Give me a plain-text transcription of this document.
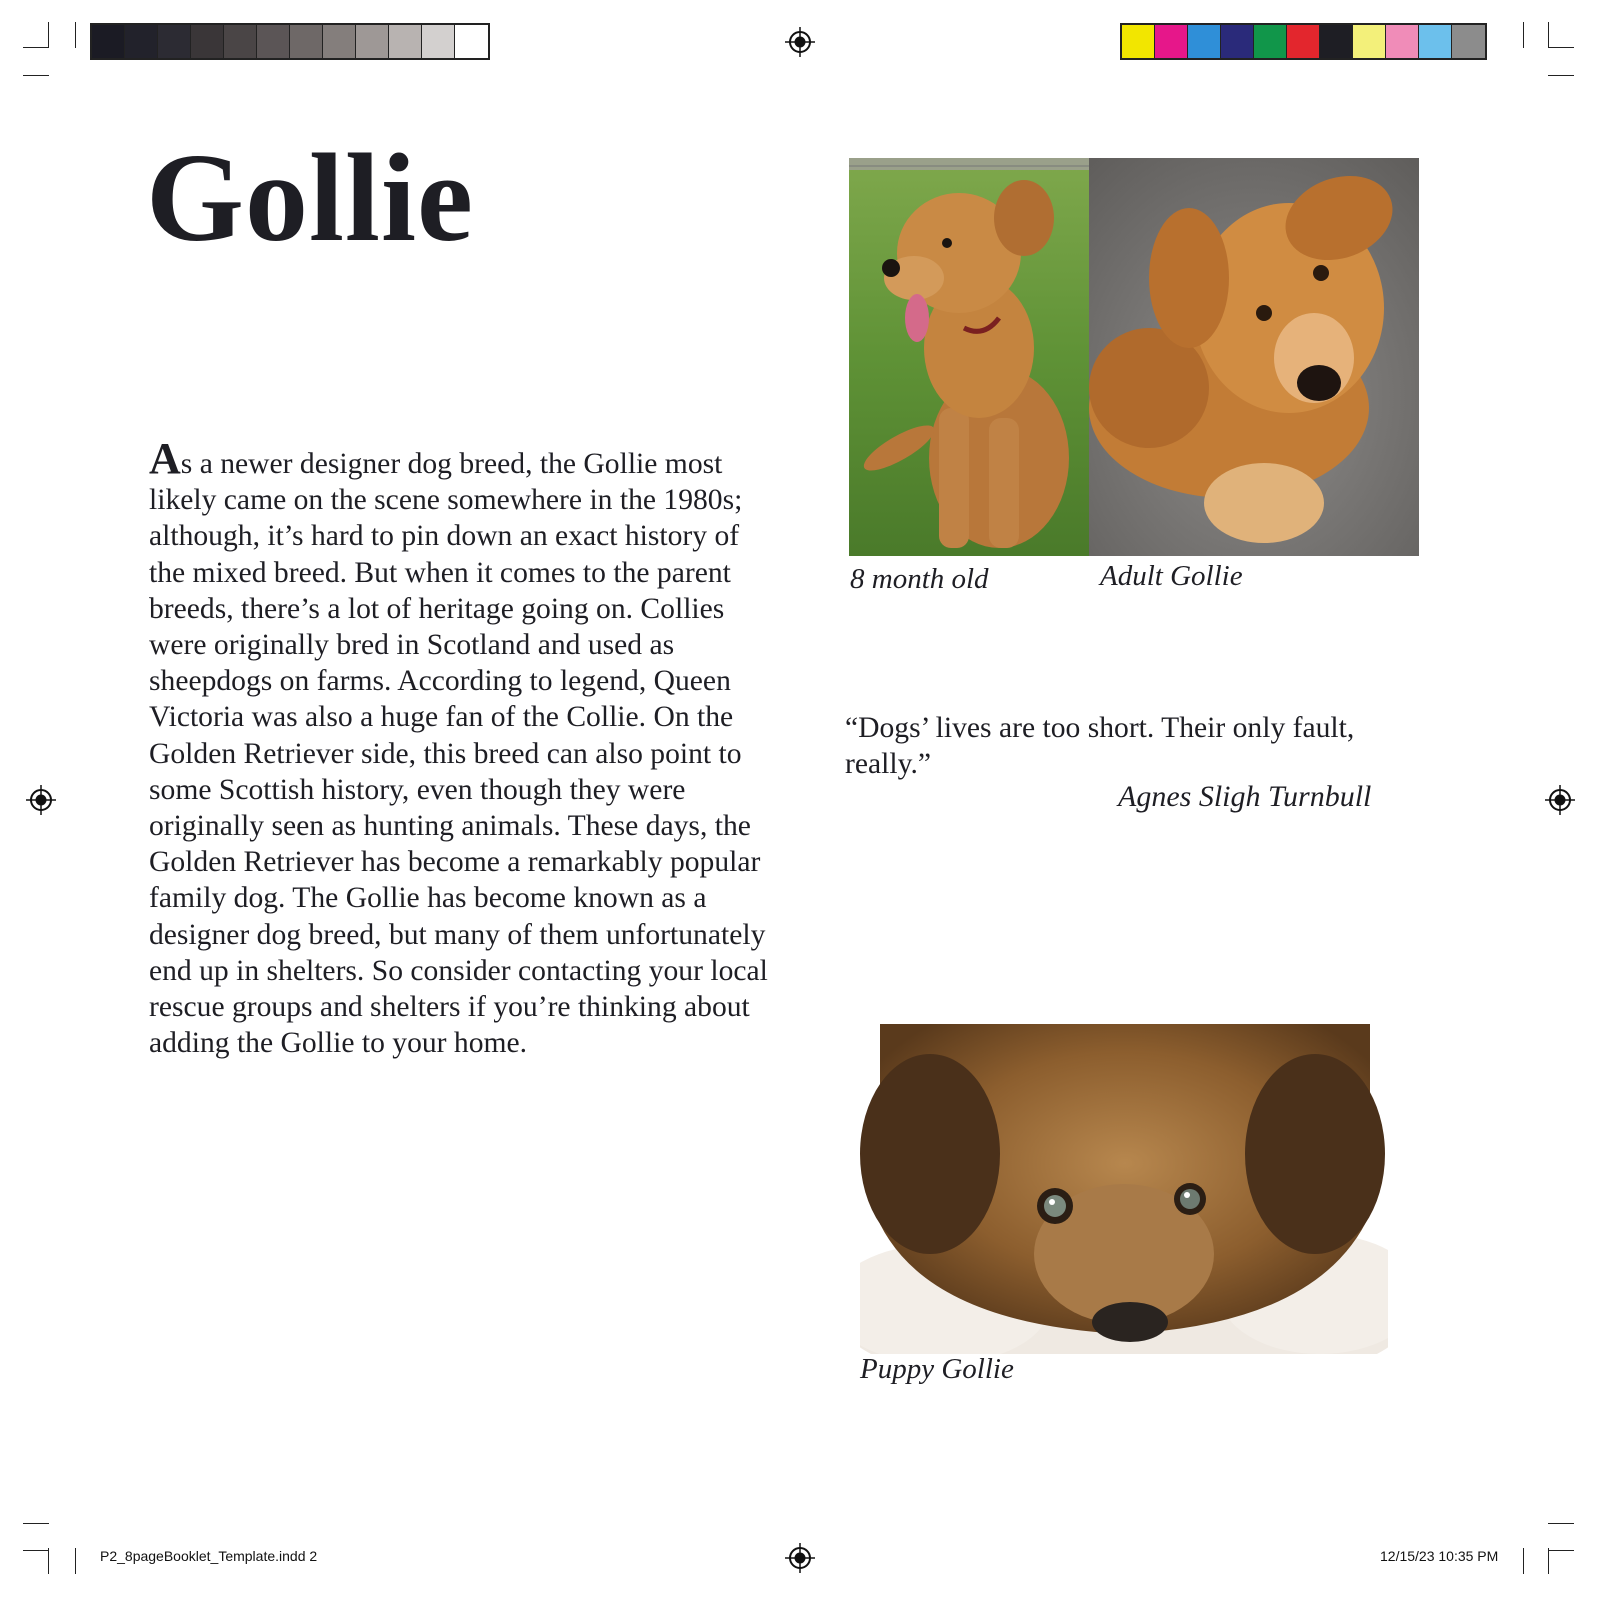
Gollie
As a newer designer dog breed, the Gollie most likely came on the scene somewhere in the 1980s; although, it’s hard to pin down an exact history of the mixed breed. But when it comes to the parent breeds, there’s a lot of heritage going on. Collies were originally bred in Scotland and used as sheepdogs on farms. According to legend, Queen Victoria was also a huge fan of the Collie. On the Golden Retriever side, this breed can also point to some Scottish history, even though they were originally seen as hunting animals. These days, the Golden Retriever has become a remarkably popular family dog. The Gollie has become known as a designer dog breed, but many of them unfortunately end up in shelters. So consider contacting your local rescue groups and shelters if you’re thinking about adding the Gollie to your home.
8 month old	Adult Gollie
“Dogs’ lives are too short. Their only fault, really.”
Agnes Sligh Turnbull
Puppy Gollie
P2_8pageBooklet_Template.indd 2	12/15/23 10:35 PM
